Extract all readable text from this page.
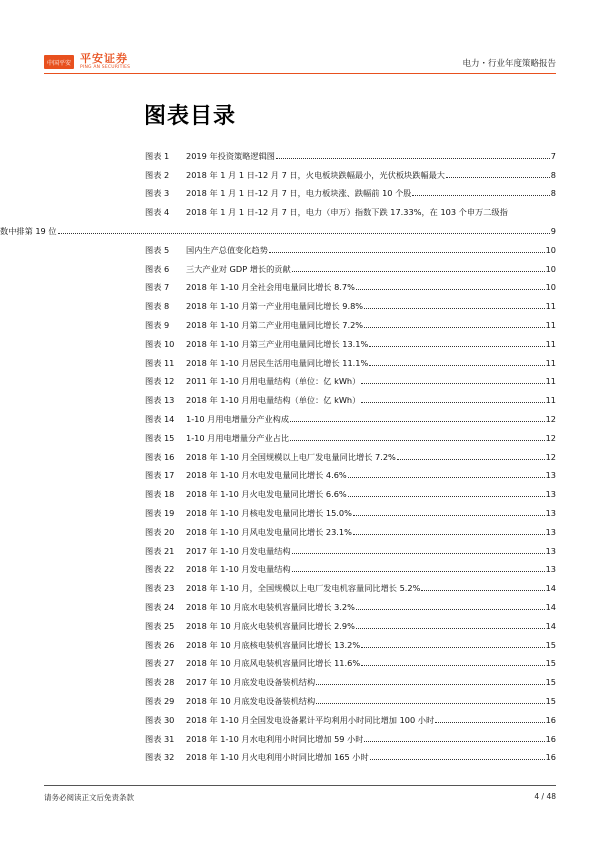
中国平安 平安证券
PING AN SECURITIES	电力・行业年度策略报告
图表目录
图表 1	2019 年投资策略逻辑图	7
图表 2	2018 年 1 月 1 日-12 月 7 日，火电板块跌幅最小，光伏板块跌幅最大	8
图表 3	2018 年 1 月 1 日-12 月 7 日，电力板块涨、跌幅前 10 个股	8
图表 4	2018 年 1 月 1 日-12 月 7 日，电力（申万）指数下跌 17.33%，在 103 个申万二级指
数中排第 19 位	9
图表 5	国内生产总值变化趋势	10
图表 6	三大产业对 GDP 增长的贡献	10
图表 7	2018 年 1-10 月全社会用电量同比增长 8.7%	10
图表 8	2018 年 1-10 月第一产业用电量同比增长 9.8%	11
图表 9	2018 年 1-10 月第二产业用电量同比增长 7.2%	11
图表 10	2018 年 1-10 月第三产业用电量同比增长 13.1%	11
图表 11	2018 年 1-10 月居民生活用电量同比增长 11.1%	11
图表 12	2011 年 1-10 月用电量结构（单位：亿 kWh）	11
图表 13	2018 年 1-10 月用电量结构（单位：亿 kWh）	11
图表 14	1-10 月用电增量分产业构成	12
图表 15	1-10 月用电增量分产业占比	12
图表 16	2018 年 1-10 月全国规模以上电厂发电量同比增长 7.2%	12
图表 17	2018 年 1-10 月水电发电量同比增长 4.6%	13
图表 18	2018 年 1-10 月火电发电量同比增长 6.6%	13
图表 19	2018 年 1-10 月核电发电量同比增长 15.0%	13
图表 20	2018 年 1-10 月风电发电量同比增长 23.1%	13
图表 21	2017 年 1-10 月发电量结构	13
图表 22	2018 年 1-10 月发电量结构	13
图表 23	2018 年 1-10 月，全国规模以上电厂发电机容量同比增长 5.2%	14
图表 24	2018 年 10 月底水电装机容量同比增长 3.2%	14
图表 25	2018 年 10 月底火电装机容量同比增长 2.9%	14
图表 26	2018 年 10 月底核电装机容量同比增长 13.2%	15
图表 27	2018 年 10 月底风电装机容量同比增长 11.6%	15
图表 28	2017 年 10 月底发电设备装机结构	15
图表 29	2018 年 10 月底发电设备装机结构	15
图表 30	2018 年 1-10 月全国发电设备累计平均利用小时同比增加 100 小时	16
图表 31	2018 年 1-10 月水电利用小时同比增加 59 小时	16
图表 32	2018 年 1-10 月火电利用小时同比增加 165 小时	16
请务必阅读正文后免责条款	4 / 48
